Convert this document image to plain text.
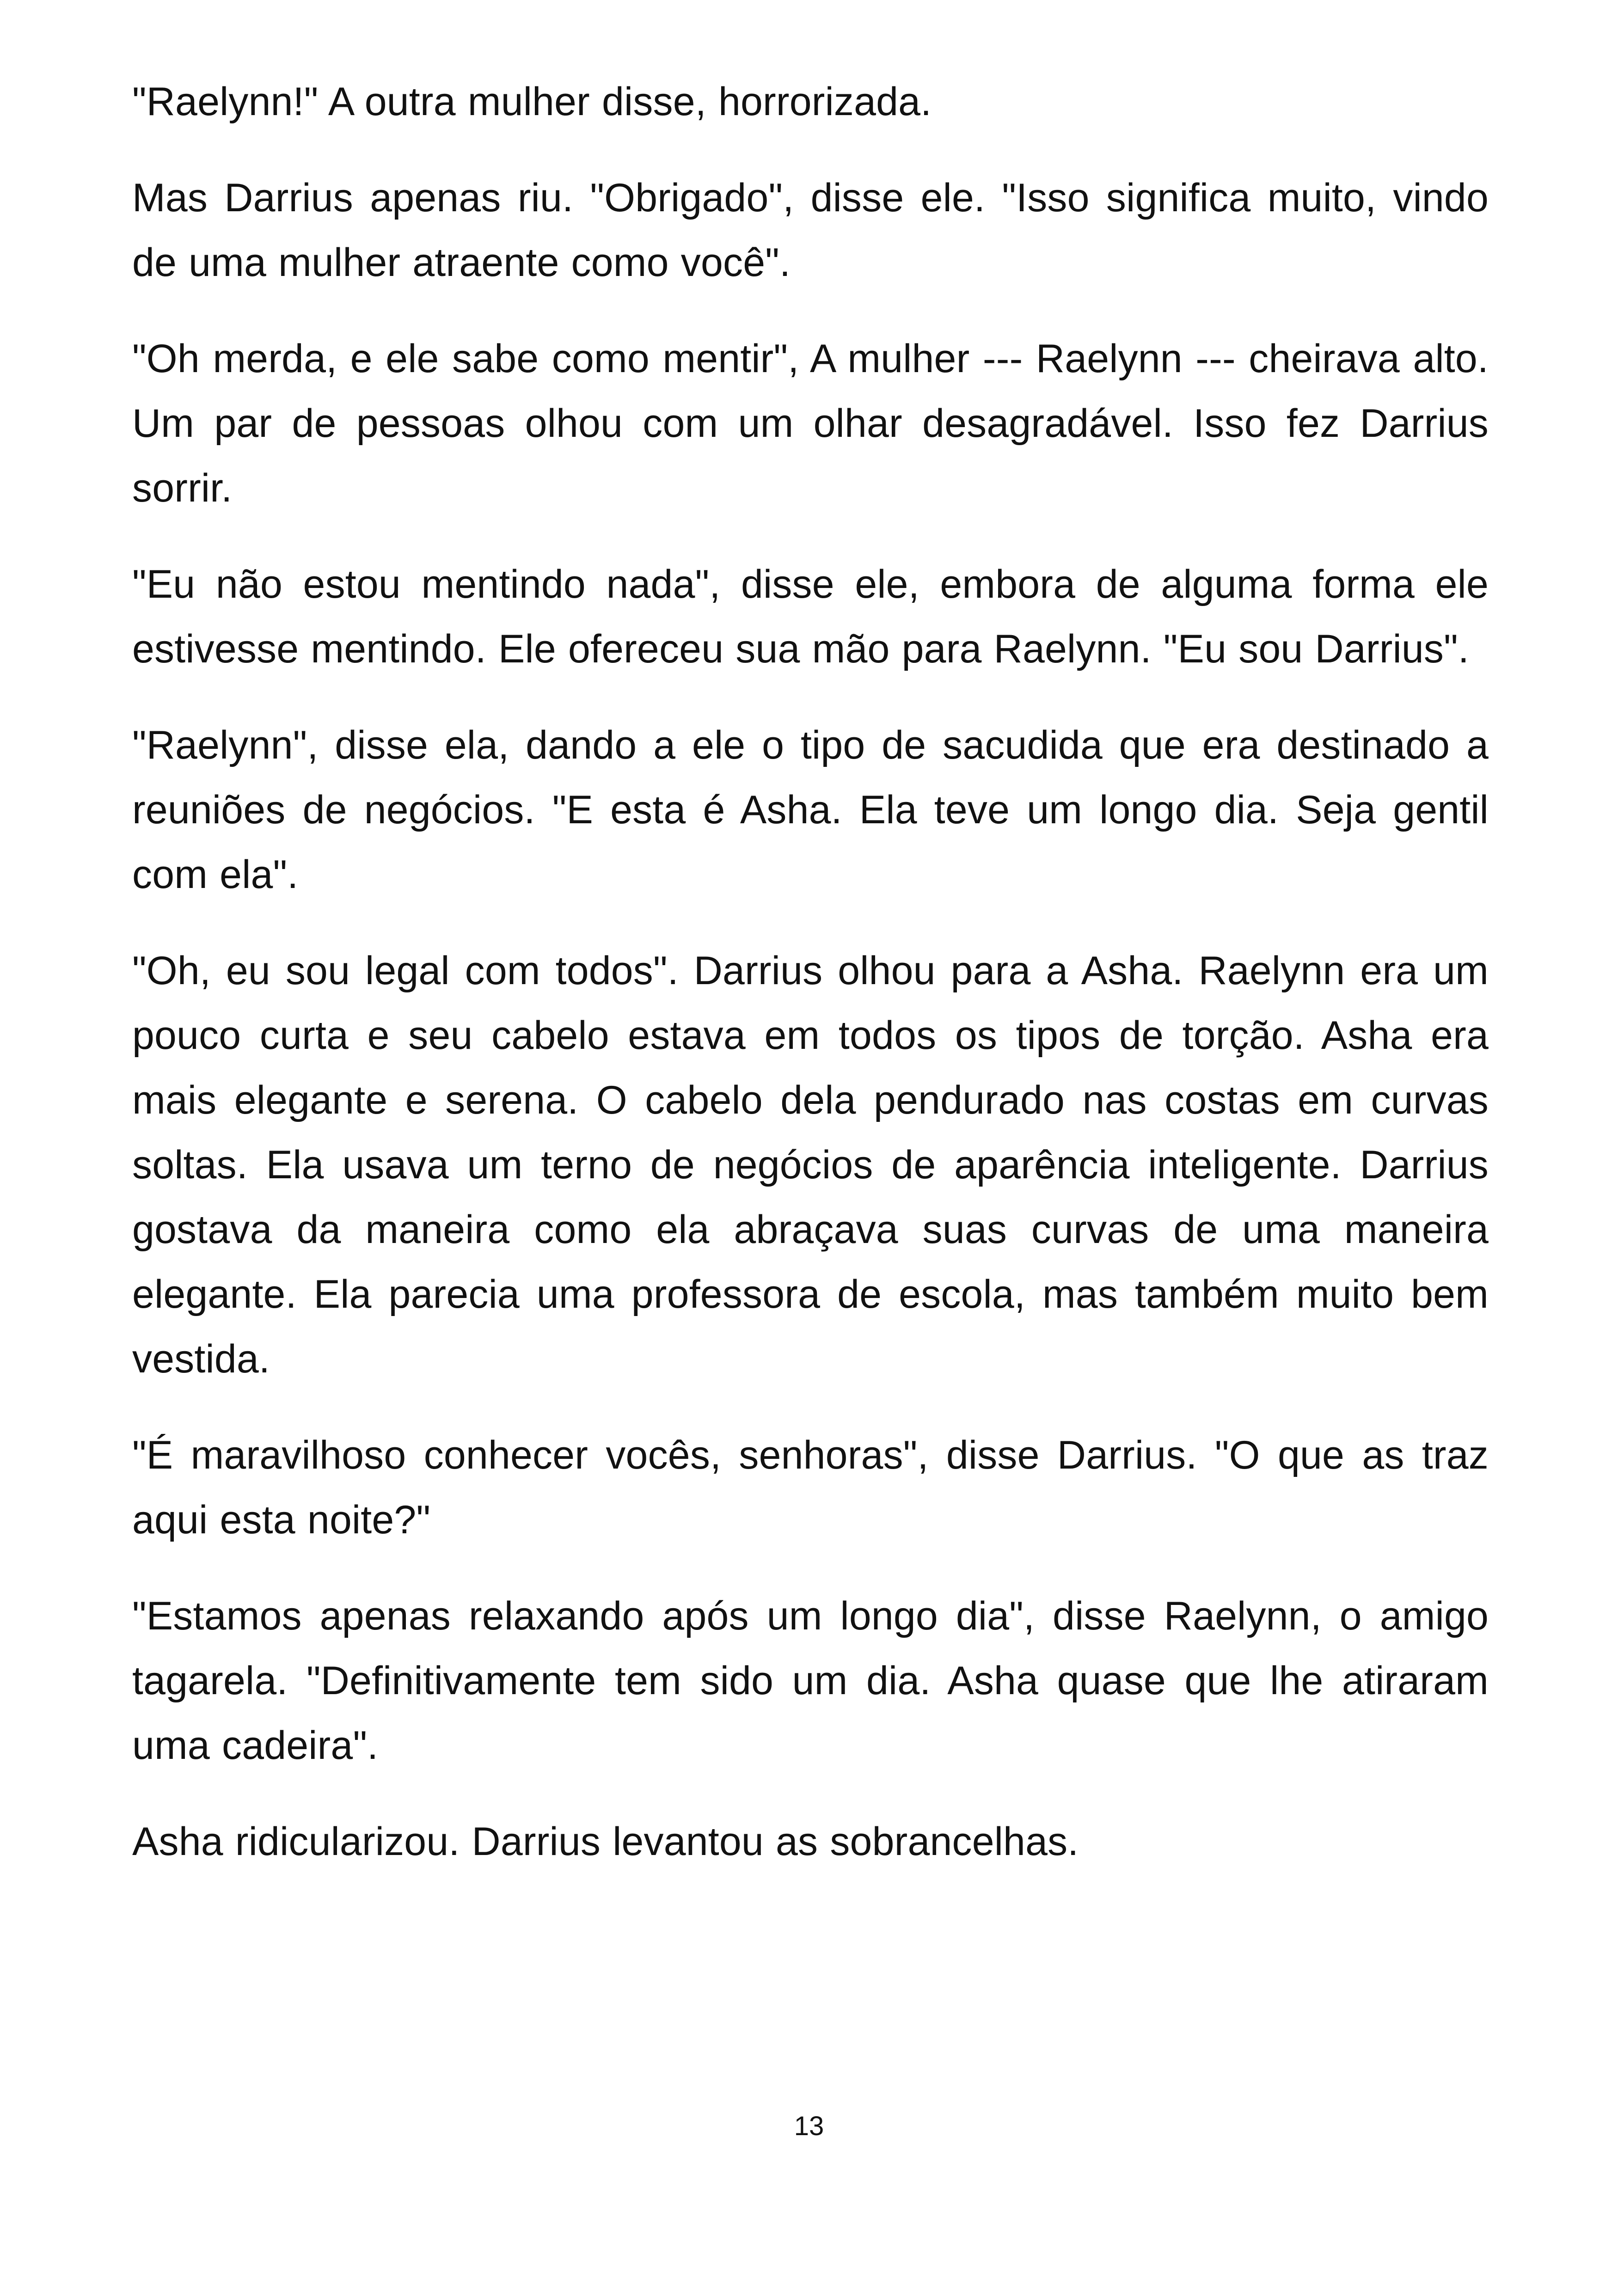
"Raelynn!" A outra mulher disse, horrorizada.

Mas Darrius apenas riu. "Obrigado", disse ele. "Isso significa muito, vindo de uma mulher atraente como você".

"Oh merda, e ele sabe como mentir", A mulher --- Raelynn --- cheirava alto. Um par de pessoas olhou com um olhar desagradável. Isso fez Darrius sorrir.

"Eu não estou mentindo nada", disse ele, embora de alguma forma ele estivesse mentindo. Ele ofereceu sua mão para Raelynn. "Eu sou Darrius".

"Raelynn", disse ela, dando a ele o tipo de sacudida que era destinado a reuniões de negócios. "E esta é Asha. Ela teve um longo dia. Seja gentil com ela".

"Oh, eu sou legal com todos". Darrius olhou para a Asha. Raelynn era um pouco curta e seu cabelo estava em todos os tipos de torção. Asha era mais elegante e serena. O cabelo dela pendurado nas costas em curvas soltas. Ela usava um terno de negócios de aparência inteligente. Darrius gostava da maneira como ela abraçava suas curvas de uma maneira elegante. Ela parecia uma professora de escola, mas também muito bem vestida.

"É maravilhoso conhecer vocês, senhoras", disse Darrius. "O que as traz aqui esta noite?"

"Estamos apenas relaxando após um longo dia", disse Raelynn, o amigo tagarela. "Definitivamente tem sido um dia. Asha quase que lhe atiraram uma cadeira".

Asha ridicularizou. Darrius levantou as sobrancelhas.

13
